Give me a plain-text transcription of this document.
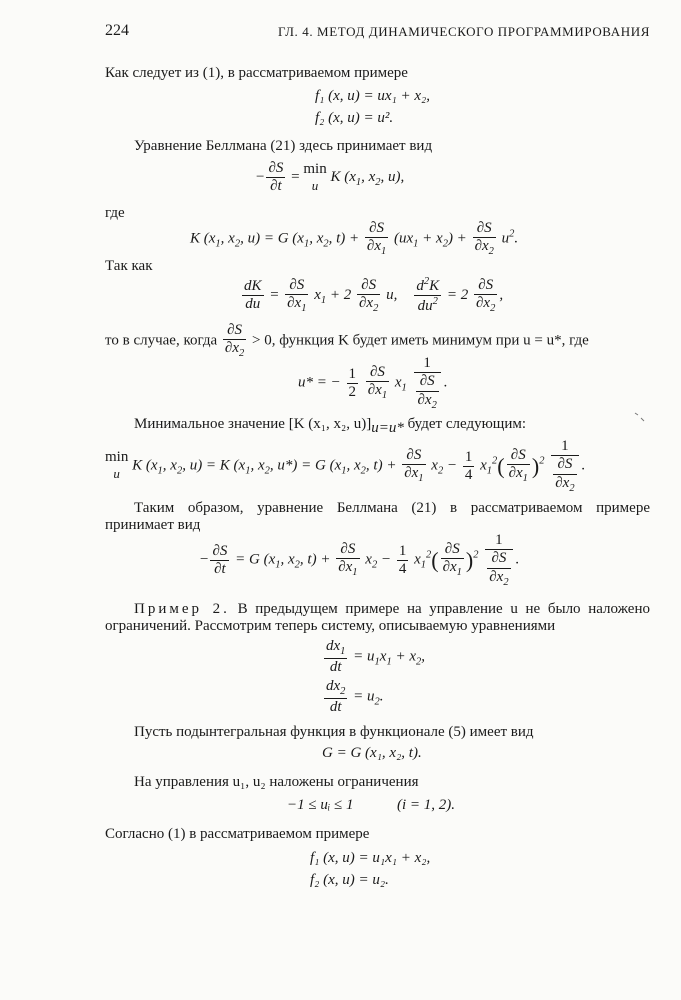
224	ГЛ. 4. МЕТОД ДИНАМИЧЕСКОГО ПРОГРАММИРОВАНИЯ
Как следует из (1), в рассматриваемом примере
f₁ (x, u) = ux₁ + x₂,
f₂ (x, u) = u².
Уравнение Беллмана (21) здесь принимает вид
− $\frac{\partial S}{\partial t} = \min$
u K ($x_1$, $x_2$, u),
где
K ($x_1$, $x_2$, u) = G ($x_1$, $x_2$, $t) + \frac{\partial S}{\partial x_1} (ux_1 + x_2) + \frac{\partial S}{\partial x_2} u^2$.
Так как
$\frac{dK}{du} = \frac{\partial S}{\partial x_1} x_1 + 2 \frac{\partial S}{\partial x_2} u$, $\frac{d^2K}{du^2} = 2 \frac{\partial S}{\partial x_2}$ ,
то в случае, когда $\frac{\partial S}{\partial x_2} > 0$, функция K будет иметь минимум при u = u*, где
u* = − $\frac{1}{2}$
$\frac{\partial S}{\partial x_1} x_1 \frac{1}{\frac{\partial S}{\partial x_2}}$ .
Минимальное значение [K (x₁, x₂, $u)]_{u=u*}$ будет следующим:
min
u K ($x_1$, $x_2$, u) = K ($x_1$, $x_2$, u*) = G ($x_1$, $x_2$, $t) + \frac{\partial S}{\partial x_1} x_2 - \frac{1}{4} x_1^2( \frac{\partial S}{\partial x_1} )^2 \frac{1}{\frac{\partial S}{\partial x_2}}$ .
Таким образом, уравнение Беллмана (21) в рассматриваемом примере принимает вид
− $\frac{\partial S}{\partial t} = G$ ($x_1$, $x_2$, $t) + \frac{\partial S}{\partial x_1} x_2 - \frac{1}{4} x_1^2( \frac{\partial S}{\partial x_1} )^2 \frac{1}{\frac{\partial S}{\partial x_2}}$ .
Пример 2. В предыдущем примере на управление u не было наложено ограничений. Рассмотрим теперь систему, описываемую уравнениями
$\frac{dx_1}{dt} = u_1x_1 + x_2$,
$\frac{dx_2}{dt} = u_2$.
Пусть подынтегральная функция в функционале (5) имеет вид
G = G (x₁, x₂, t).
На управления u₁, u₂ наложены ограничения
−1 ≤ uᵢ ≤ 1	(i = 1, 2).
Согласно (1) в рассматриваемом примере
f₁ (x, u) = u₁x₁ + x₂,
f₂ (x, u) = u₂.
